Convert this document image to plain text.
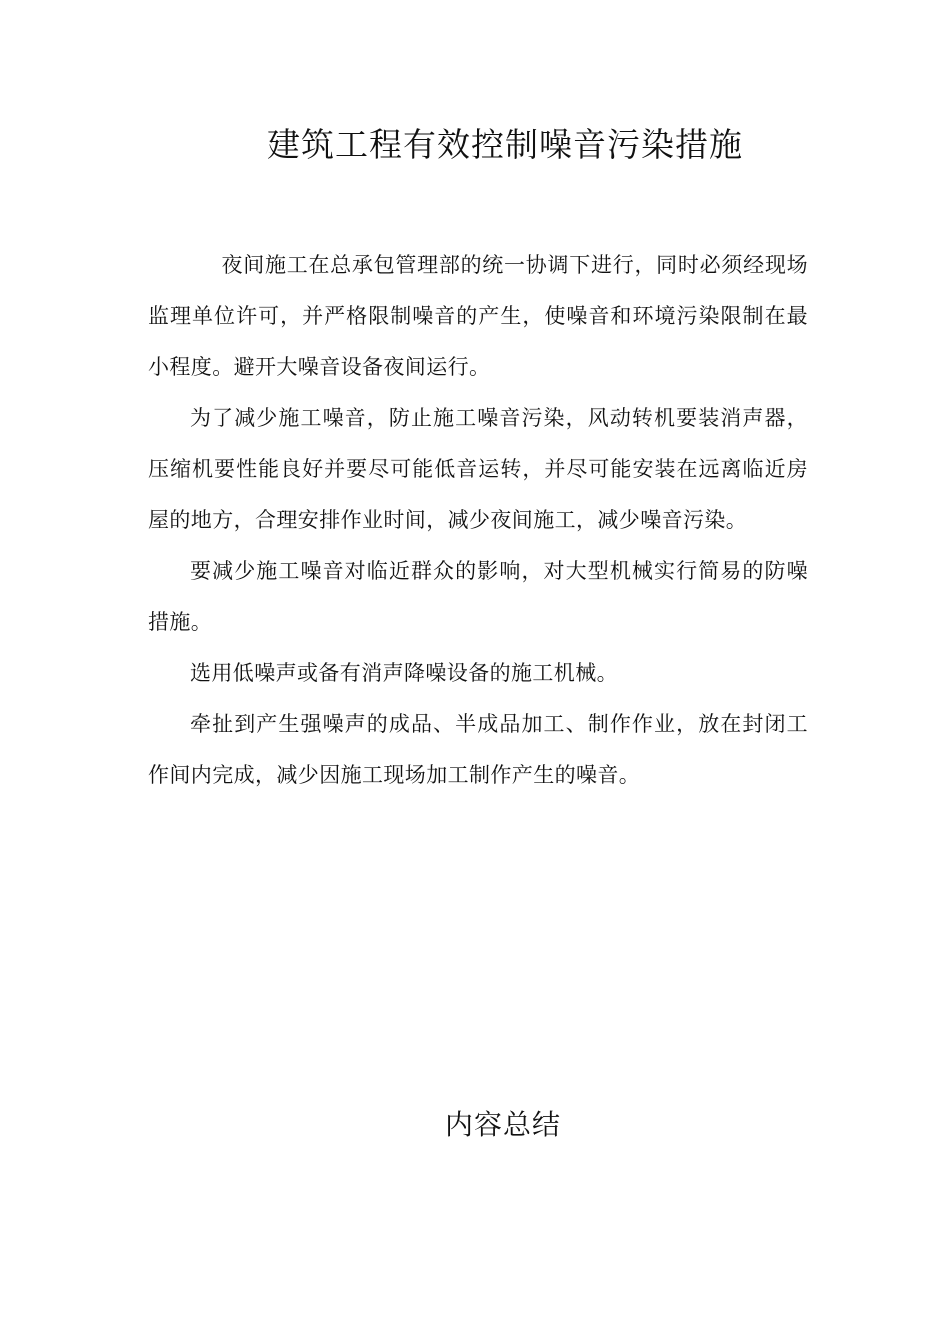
建筑工程有效控制噪音污染措施

夜间施工在总承包管理部的统一协调下进行，同时必须经现场监理单位许可，并严格限制噪音的产生，使噪音和环境污染限制在最小程度。避开大噪音设备夜间运行。

为了减少施工噪音，防止施工噪音污染，风动转机要装消声器，压缩机要性能良好并要尽可能低音运转，并尽可能安装在远离临近房屋的地方，合理安排作业时间，减少夜间施工，减少噪音污染。

要减少施工噪音对临近群众的影响，对大型机械实行简易的防噪措施。

选用低噪声或备有消声降噪设备的施工机械。

牵扯到产生强噪声的成品、半成品加工、制作作业，放在封闭工作间内完成，减少因施工现场加工制作产生的噪音。

内容总结
